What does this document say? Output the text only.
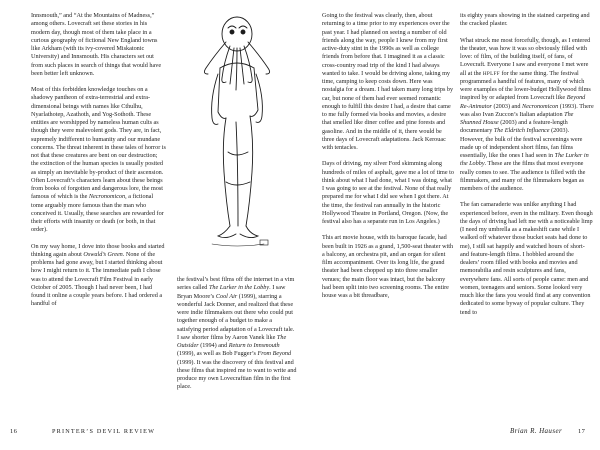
Innsmouth,” and “At the Mountains of Madness,” among others. Lovecraft set these stories in his modern day, though most of them take place in a curious geography of fictional New England towns like Arkham (with its ivy-covered Miskatonic University) and Innsmouth. His characters set out from such places in search of things that would have been better left unknown.

Most of this forbidden knowledge touches on a shadowy pantheon of extra-terrestrial and extra-dimensional beings with names like Cthulhu, Nyarlathotep, Azathoth, and Yog-Sothoth. These entities are worshipped by nameless human cults as though they were malevolent gods. They are, in fact, supremely indifferent to humanity and our mundane concerns. The threat inherent in these tales of horror is not that these creatures are bent on our destruction; the extinction of the human species is usually posited as simply an inevitable by-product of their ascension. Often Lovecraft’s characters learn about these beings from books of forgotten and dangerous lore, the most famous of which is the Necronomicon, a fictional tome arguably more famous than the man who conceived it. Usually, these searches are rewarded for their efforts with insanity or death (or both, in that order).

On my way home, I dove into those books and started thinking again about Oswald’s Green. None of the problems had gone away, but I started thinking about how I might return to it. The immediate path I chose was to attend the Lovecraft Film Festival in early October of 2005. Though I had never been, I had found it online a couple years before. I had ordered a handful of

the festival’s best films off the internet in a vim series called The Lurker in the Lobby. I saw Bryan Moore’s Cool Air (1999), starring a wonderful Jack Donner, and realized that these were indie filmmakers out there who could put together enough of a budget to make a satisfying period adaptation of a Lovecraft tale. I saw shorter films by Aaron Vanek like The Outsider (1994) and Return to Innsmouth (1999), as well as Bob Fugger’s From Beyond (1999). It was the discovery of this festival and these films that inspired me to want to write and produce my own Lovecraftian film in the first place.

Going to the festival was clearly, then, about returning to a time prior to my experiences over the past year. I had planned on seeing a number of old friends along the way, people I knew from my first active-duty stint in the 1990s as well as college friends from before that. I imagined it as a classic cross-country road trip of the kind I had always wanted to take. I would be driving alone, taking my time, camping to keep costs down. Here was nostalgia for a dream. I had taken many long trips by car, but none of them had ever seemed romantic enough to fulfill this desire I had, a desire that came to me fully formed via books and movies, a desire that smelled like diner coffee and pine forests and gasoline. And in the middle of it, there would be three days of Lovecraft adaptations. Jack Kerouac with tentacles.

Days of driving, my silver Ford skimming along hundreds of miles of asphalt, gave me a lot of time to think about what I had done, what I was doing, what I was going to see at the festival. None of that really prepared me for what I did see when I got there. At the time, the festival ran annually in the historic Hollywood Theatre in Portland, Oregon. (Now, the festival also has a separate run in Los Angeles.)

This art movie house, with its baroque facade, had been built in 1926 as a grand, 1,500-seat theater with a balcony, an orchestra pit, and an organ for silent film accompaniment. Over its long life, the grand theater had been chopped up into three smaller venues; the main floor was intact, but the balcony had been split into two screening rooms. The entire house was a bit threadbare,

its eighty years showing in the stained carpeting and the cracked plaster.

What struck me most forcefully, though, as I entered the theater, was how it was so obviously filled with love: of film, of the building itself, of fans, of Lovecraft. Everyone I saw and everyone I met were all at the HPLFF for the same thing. The festival programmed a handful of features, many of which were examples of the lower-budget Hollywood films inspired by or adapted from Lovecraft like Beyond Re-Animator (2003) and Necronomicon (1993). There was also Ivan Zuccon’s Italian adaptation The Shunned House (2003) and a feature-length documentary The Eldritch Influence (2003). However, the bulk of the festival screenings were made up of independent short films, fan films essentially, like the ones I had seen in The Lurker in the Lobby. These are the films that most everyone really comes to see. The audience is filled with the filmmakers, and many of the filmmakers began as members of the audience.

The fan camaraderie was unlike anything I had experienced before, even in the military. Even though the days of driving had left me with a noticeable limp (I need my umbrella as a makeshift cane while I walked off whatever those bucket seats had done to me), I still sat happily and watched hours of short- and feature-length films. I hobbled around the dealers’ room filled with books and movies and memorabilia and resin sculptures and fans, everywhere fans. All sorts of people came: men and women, teenagers and seniors. Some looked very much like the fans you would find at any convention dedicated to some byway of popular culture. They tend to

16	PRINTER’S DEVIL REVIEW	Brian R. Hauser 17
